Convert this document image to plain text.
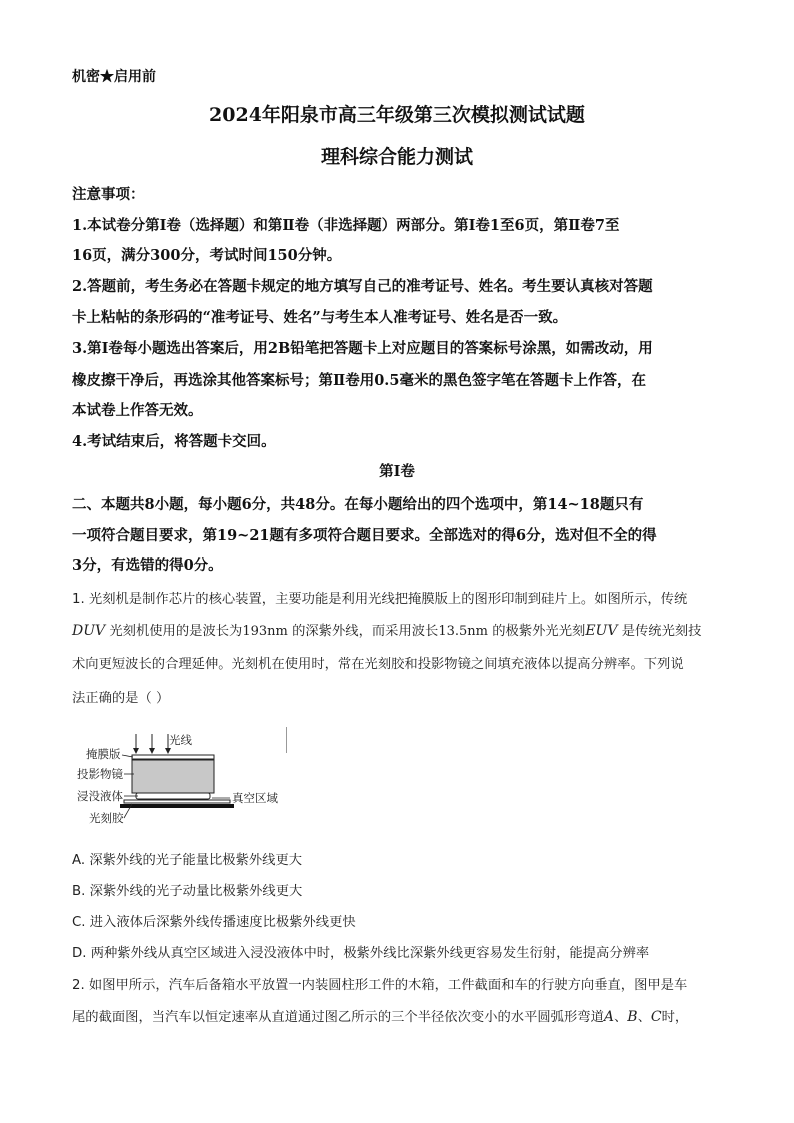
机密★启用前
2024年阳泉市高三年级第三次模拟测试试题
理科综合能力测试
注意事项：
1.本试卷分第Ⅰ卷（选择题）和第Ⅱ卷（非选择题）两部分。第Ⅰ卷1至6页，第Ⅱ卷7至
16页，满分300分，考试时间150分钟。
2.答题前，考生务必在答题卡规定的地方填写自己的准考证号、姓名。考生要认真核对答题
卡上粘帖的条形码的“准考证号、姓名”与考生本人准考证号、姓名是否一致。
3.第Ⅰ卷每小题选出答案后，用2B铅笔把答题卡上对应题目的答案标号涂黑，如需改动，用
橡皮擦干净后，再选涂其他答案标号；第Ⅱ卷用0.5毫米的黑色签字笔在答题卡上作答，在
本试卷上作答无效。
4.考试结束后，将答题卡交回。
第Ⅰ卷
二、本题共8小题，每小题6分，共48分。在每小题给出的四个选项中，第14~18题只有
一项符合题目要求，第19~21题有多项符合题目要求。全部选对的得6分，选对但不全的得
3分，有选错的得0分。
1. 光刻机是制作芯片的核心装置，主要功能是利用光线把掩膜版上的图形印制到硅片上。如图所示，传统
DUV 光刻机使用的是波长为193nm 的深紫外线，而采用波长13.5nm 的极紫外光光刻EUV 是传统光刻技
术向更短波长的合理延伸。光刻机在使用时，常在光刻胶和投影物镜之间填充液体以提高分辨率。下列说
法正确的是（ ）
光线
掩膜版
投影物镜
浸没液体
光刻胶
真空区域
A. 深紫外线的光子能量比极紫外线更大
B. 深紫外线的光子动量比极紫外线更大
C. 进入液体后深紫外线传播速度比极紫外线更快
D. 两种紫外线从真空区域进入浸没液体中时，极紫外线比深紫外线更容易发生衍射，能提高分辨率
2. 如图甲所示，汽车后备箱水平放置一内装圆柱形工件的木箱，工件截面和车的行驶方向垂直，图甲是车
尾的截面图，当汽车以恒定速率从直道通过图乙所示的三个半径依次变小的水平圆弧形弯道A、B、C时，
